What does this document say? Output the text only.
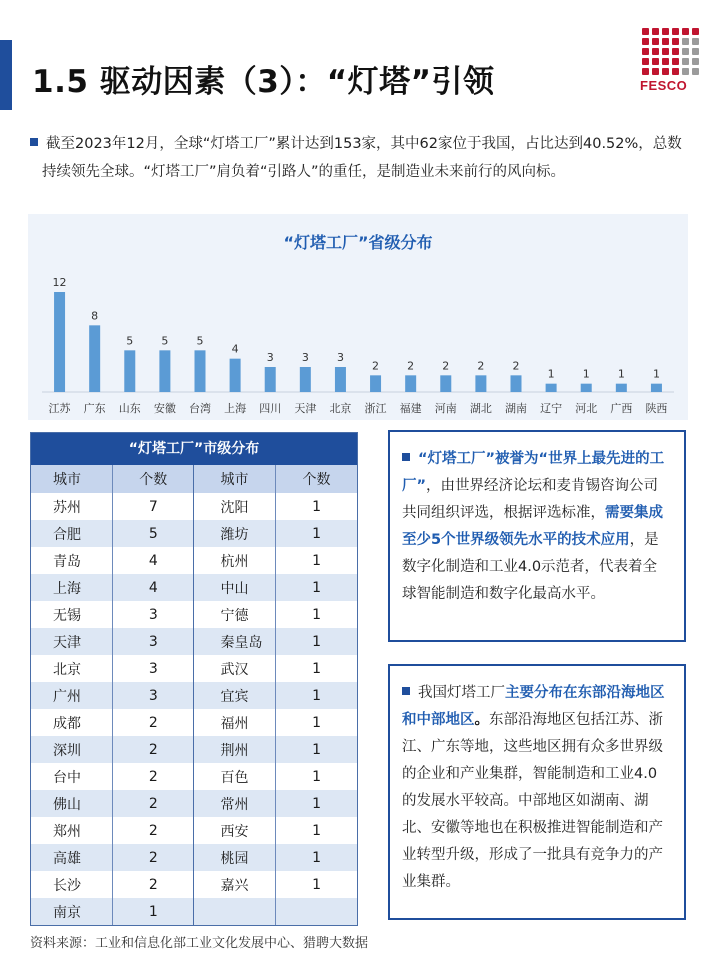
1.5 驱动因素（3）：“灯塔”引领	FESCO
截至2023年12月，全球“灯塔工厂”累计达到153家，其中62家位于我国，占比达到40.52%，总数持续领先全球。“灯塔工厂”肩负着“引路人”的重任，是制造业未来前行的风向标。
“灯塔工厂”省级分布
12
江苏
8
广东
5
山东
5
安徽
5
台湾
4
上海
3
四川
3
天津
3
北京
2
浙江
2
福建
2
河南
2
湖北
2
湖南
1
辽宁
1
河北
1
广西
1
陕西
“灯塔工厂”市级分布
城市	个数	城市	个数
苏州	7	沈阳	1
合肥	5	潍坊	1
青岛	4	杭州	1
上海	4	中山	1
无锡	3	宁德	1
天津	3	秦皇岛	1
北京	3	武汉	1
广州	3	宜宾	1
成都	2	福州	1
深圳	2	荆州	1
台中	2	百色	1
佛山	2	常州	1
郑州	2	西安	1
高雄	2	桃园	1
长沙	2	嘉兴	1
南京	1		
“灯塔工厂”被誉为“世界上最先进的工厂”，由世界经济论坛和麦肯锡咨询公司共同组织评选，根据评选标准，需要集成至少5个世界级领先水平的技术应用，是数字化制造和工业4.0示范者，代表着全球智能制造和数字化最高水平。
我国灯塔工厂主要分布在东部沿海地区和中部地区。东部沿海地区包括江苏、浙江、广东等地，这些地区拥有众多世界级的企业和产业集群，智能制造和工业4.0的发展水平较高。中部地区如湖南、湖北、安徽等地也在积极推进智能制造和产业转型升级，形成了一批具有竞争力的产业集群。
资料来源：工业和信息化部工业文化发展中心、猎聘大数据
